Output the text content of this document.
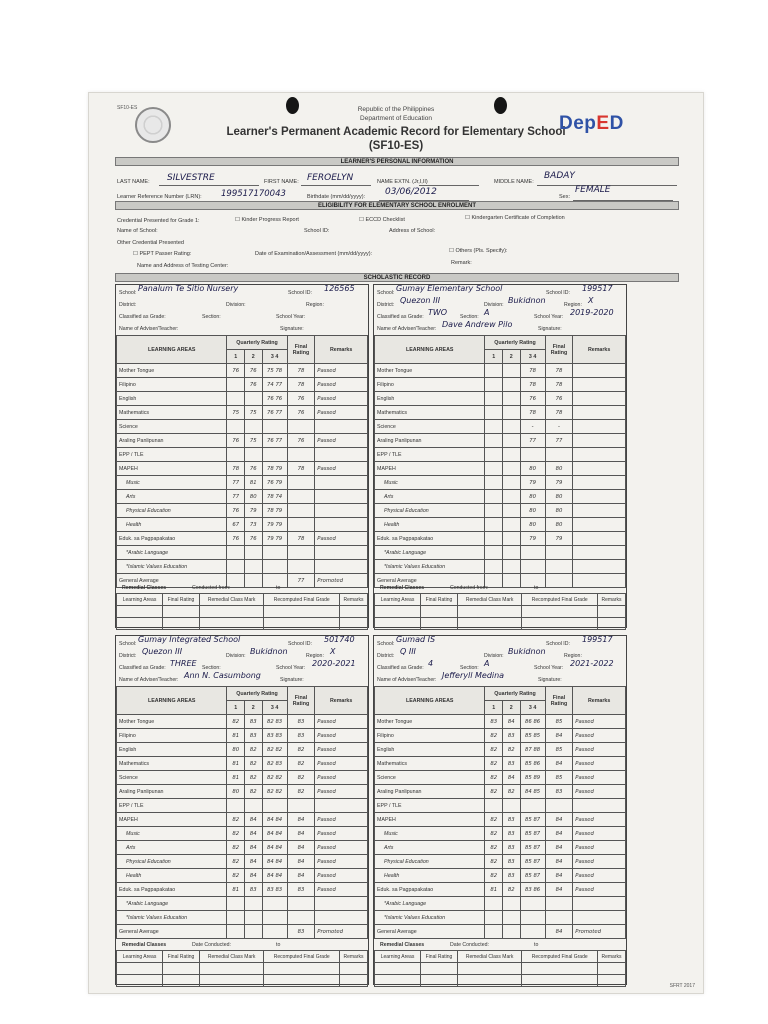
SF10-ES	Republic of the Philippines
Department of Education
Learner's Permanent Academic Record for Elementary School
(SF10-ES)
DepED
LEARNER'S PERSONAL INFORMATION
LAST NAME: SILVESTRE	FIRST NAME: FEROELYN	NAME EXTN. (Jr,I,II)	MIDDLE NAME:
BADAY
Learner Reference Number (LRN): 199517170043	Birthdate (mm/dd/yyyy): 03/06/2012	Sex:
FEMALE
ELIGIBILITY FOR ELEMENTARY SCHOOL ENROLMENT
Credential Presented for Grade 1:	☐ Kinder Progress Report	☐ ECCD Checklist	☐ Kindergarten Certificate of Completion
Name of School:	School ID:	Address of School:
Other Credential Presented
☐ PEPT Passer Rating:	Date of Examination/Assessment (mm/dd/yyyy):	☐ Others (Pls. Specify):
Name and Address of Testing Center:	Remark:
SCHOLASTIC RECORD
School: Panalum Te Sitio Nursery	School ID: 126565
District:	Division:	Region:
Classified as Grade:	Section:	School Year:
Name of Adviser/Teacher:	Signature:
LEARNING AREAS	Quarterly Rating			Final Rating	Remarks
	1	2	3 4		
Mother Tongue	76	76	75 78	78	Passed
Filipino		76	74 77	78	Passed
English			76 76	76	Passed
Mathematics	75	75	76 77	76	Passed
Science					
Araling Panlipunan	76	75	76 77	76	Passed
EPP / TLE					
MAPEH	78	76	78 79	78	Passed
Music	77	81	76 79		
Arts	77	80	78 74		
Physical Education	76	79	78 79		
Health	67	73	79 79		
Eduk. sa Pagpapakatao	76	76	79 79	78	Passed
*Arabic Language					
*Islamic Values Education					
General Average				77	Promoted
Remedial Classes	Conducted from:	to
Learning Areas	Final Rating	Remedial Class Mark	Recomputed Final Grade	Remarks

School: Gumay Elementary School	School ID: 199517
District: Quezon III	Division: Bukidnon	Region: X
Classified as Grade: TWO Section: A	School Year: 2019-2020
Name of Adviser/Teacher: Dave Andrew Pilo	Signature:
LEARNING AREAS	Quarterly Rating			Final Rating	Remarks
	1	2	3 4		
Mother Tongue			78	78	
Filipino			78	78	
English			76	76	
Mathematics			78	78	
Science			-	-	
Araling Panlipunan			77	77	
EPP / TLE					
MAPEH			80	80	
Music			79	79	
Arts			80	80	
Physical Education			80	80	
Health			80	80	
Eduk. sa Pagpapakatao			79	79	
*Arabic Language					
*Islamic Values Education					
General Average					
Remedial Classes	Conducted from:	to
Learning Areas	Final Rating	Remedial Class Mark	Recomputed Final Grade	Remarks

School: Gumay Integrated School	School ID: 501740
District: Quezon III	Division: Bukidnon	Region: X
Classified as Grade: THREE Section:	School Year: 2020-2021
Name of Adviser/Teacher: Ann N. Casumbong	Signature:
LEARNING AREAS	Quarterly Rating			Final Rating	Remarks
	1	2	3 4		
Mother Tongue	82	83	82 83	83	Passed
Filipino	81	83	83 83	83	Passed
English	80	82	82 82	82	Passed
Mathematics	81	82	82 83	82	Passed
Science	81	82	82 82	82	Passed
Araling Panlipunan	80	82	82 82	82	Passed
EPP / TLE					
MAPEH	82	84	84 84	84	Passed
Music	82	84	84 84	84	Passed
Arts	82	84	84 84	84	Passed
Physical Education	82	84	84 84	84	Passed
Health	82	84	84 84	84	Passed
Eduk. sa Pagpapakatao	81	83	83 83	83	Passed
*Arabic Language					
*Islamic Values Education					
General Average				83	Promoted
Remedial Classes	Date Conducted:	to
Learning Areas	Final Rating	Remedial Class Mark	Recomputed Final Grade	Remarks

School: Gumad IS	School ID: 199517
District: Q III	Division: Bukidnon	Region:
Classified as Grade: 4	Section: A	School Year: 2021-2022
Name of Adviser/Teacher: Jefferyll Medina	Signature:
LEARNING AREAS	Quarterly Rating			Final Rating	Remarks
	1	2	3 4		
Mother Tongue	83	84	86 86	85	Passed
Filipino	82	83	85 85	84	Passed
English	82	82	87 88	85	Passed
Mathematics	82	83	85 86	84	Passed
Science	82	84	85 89	85	Passed
Araling Panlipunan	82	82	84 85	83	Passed
EPP / TLE					
MAPEH	82	83	85 87	84	Passed
Music	82	83	85 87	84	Passed
Arts	82	83	85 87	84	Passed
Physical Education	82	83	85 87	84	Passed
Health	82	83	85 87	84	Passed
Eduk. sa Pagpapakatao	81	82	83 86	84	Passed
*Arabic Language					
*Islamic Values Education					
General Average				84	Promoted
Remedial Classes	Date Conducted:	to
Learning Areas	Final Rating	Remedial Class Mark	Recomputed Final Grade	Remarks

SFRT 2017
